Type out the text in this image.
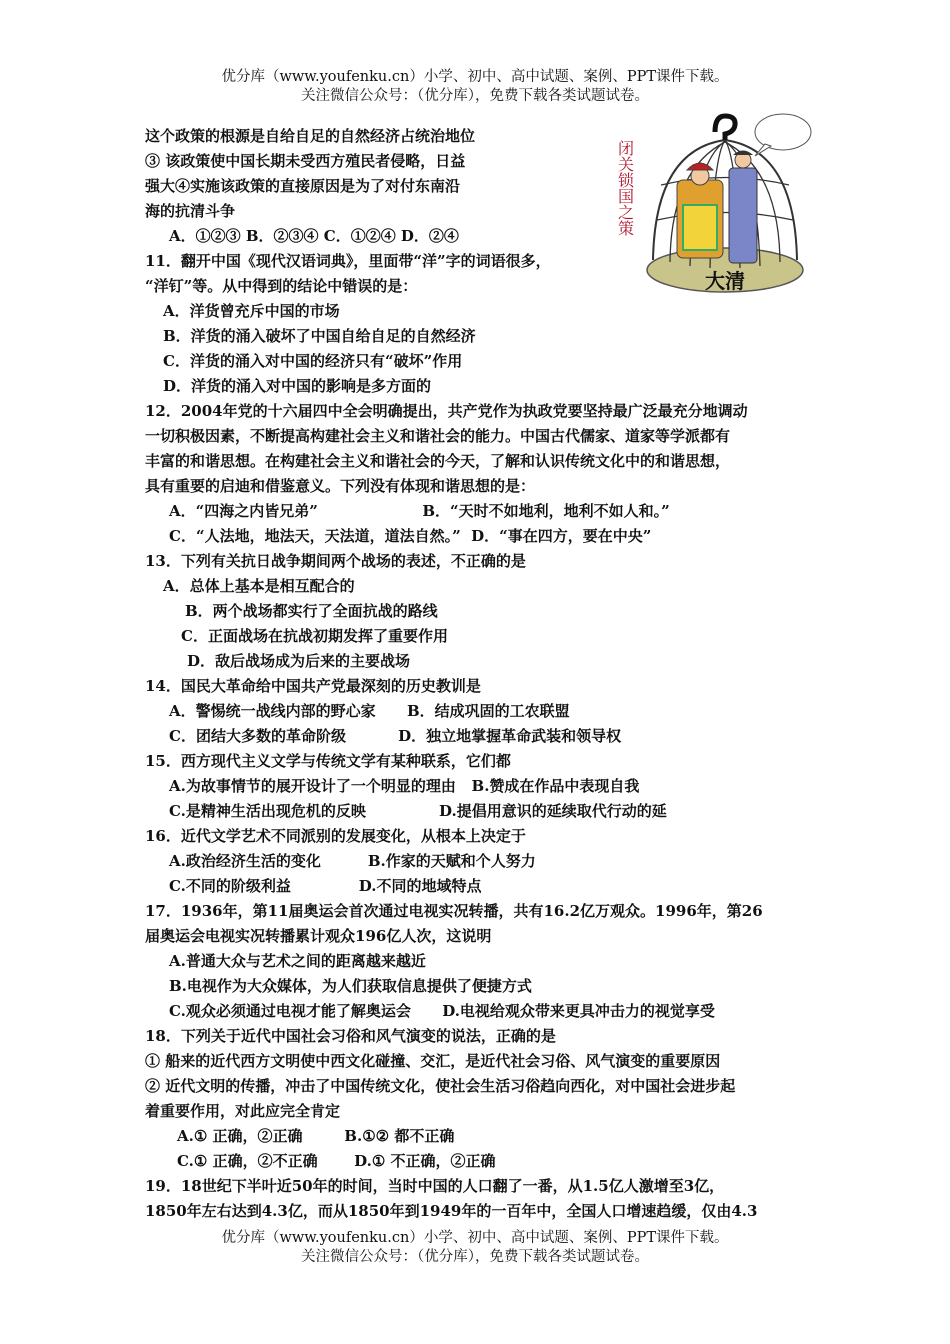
优分库（www.youfenku.cn）小学、初中、高中试题、案例、PPT课件下载。
关注微信公众号：（优分库），免费下载各类试题试卷。
这个政策的根源是自给自足的自然经济占统治地位
③ 该政策使中国长期未受西方殖民者侵略，日益
强大④实施该政策的直接原因是为了对付东南沿
海的抗清斗争
A．①②③ B．②③④ C．①②④ D．②④
11．翻开中国《现代汉语词典》，里面带“洋”字的词语很多，
“洋钉”等。从中得到的结论中错误的是：
A．洋货曾充斥中国的市场
B．洋货的涌入破坏了中国自给自足的自然经济
C．洋货的涌入对中国的经济只有“破坏”作用
D．洋货的涌入对中国的影响是多方面的
12．2004年党的十六届四中全会明确提出，共产党作为执政党要坚持最广泛最充分地调动
一切积极因素，不断提高构建社会主义和谐社会的能力。中国古代儒家、道家等学派都有
丰富的和谐思想。在构建社会主义和谐社会的今天，了解和认识传统文化中的和谐思想，
具有重要的启迪和借鉴意义。下列没有体现和谐思想的是：
A．“四海之内皆兄弟”                    B．“天时不如地利，地利不如人和。”
C．“人法地，地法天，天法道，道法自然。”  D．“事在四方，要在中央”
13．下列有关抗日战争期间两个战场的表述，不正确的是
A．总体上基本是相互配合的
B．两个战场都实行了全面抗战的路线
C．正面战场在抗战初期发挥了重要作用
D．敌后战场成为后来的主要战场
14．国民大革命给中国共产党最深刻的历史教训是
A．警惕统一战线内部的野心家      B．结成巩固的工农联盟
C．团结大多数的革命阶级          D．独立地掌握革命武装和领导权
15．西方现代主义文学与传统文学有某种联系，它们都
A.为故事情节的展开设计了一个明显的理由   B.赞成在作品中表现自我
C.是精神生活出现危机的反映              D.提倡用意识的延续取代行动的延
16．近代文学艺术不同派别的发展变化，从根本上决定于
A.政治经济生活的变化         B.作家的天赋和个人努力
C.不同的阶级利益             D.不同的地域特点
17．1936年，第11届奥运会首次通过电视实况转播，共有16.2亿万观众。1996年，第26
届奥运会电视实况转播累计观众196亿人次，这说明
A.普通大众与艺术之间的距离越来越近
B.电视作为大众媒体，为人们获取信息提供了便捷方式
C.观众必须通过电视才能了解奥运会      D.电视给观众带来更具冲击力的视觉享受
18．下列关于近代中国社会习俗和风气演变的说法，正确的是
① 船来的近代西方文明使中西文化碰撞、交汇，是近代社会习俗、风气演变的重要原因
② 近代文明的传播，冲击了中国传统文化，使社会生活习俗趋向西化，对中国社会进步起
着重要作用，对此应完全肯定
A.① 正确，②正确        B.①② 都不正确
C.① 正确，②不正确       D.① 不正确，②正确
19．18世纪下半叶近50年的时间，当时中国的人口翻了一番，从1.5亿人激增至3亿，
1850年左右达到4.3亿，而从1850年到1949年的一百年中，全国人口增速趋缓，仅由4.3
大清
闭关锁国之策
优分库（www.youfenku.cn）小学、初中、高中试题、案例、PPT课件下载。
关注微信公众号：（优分库），免费下载各类试题试卷。
